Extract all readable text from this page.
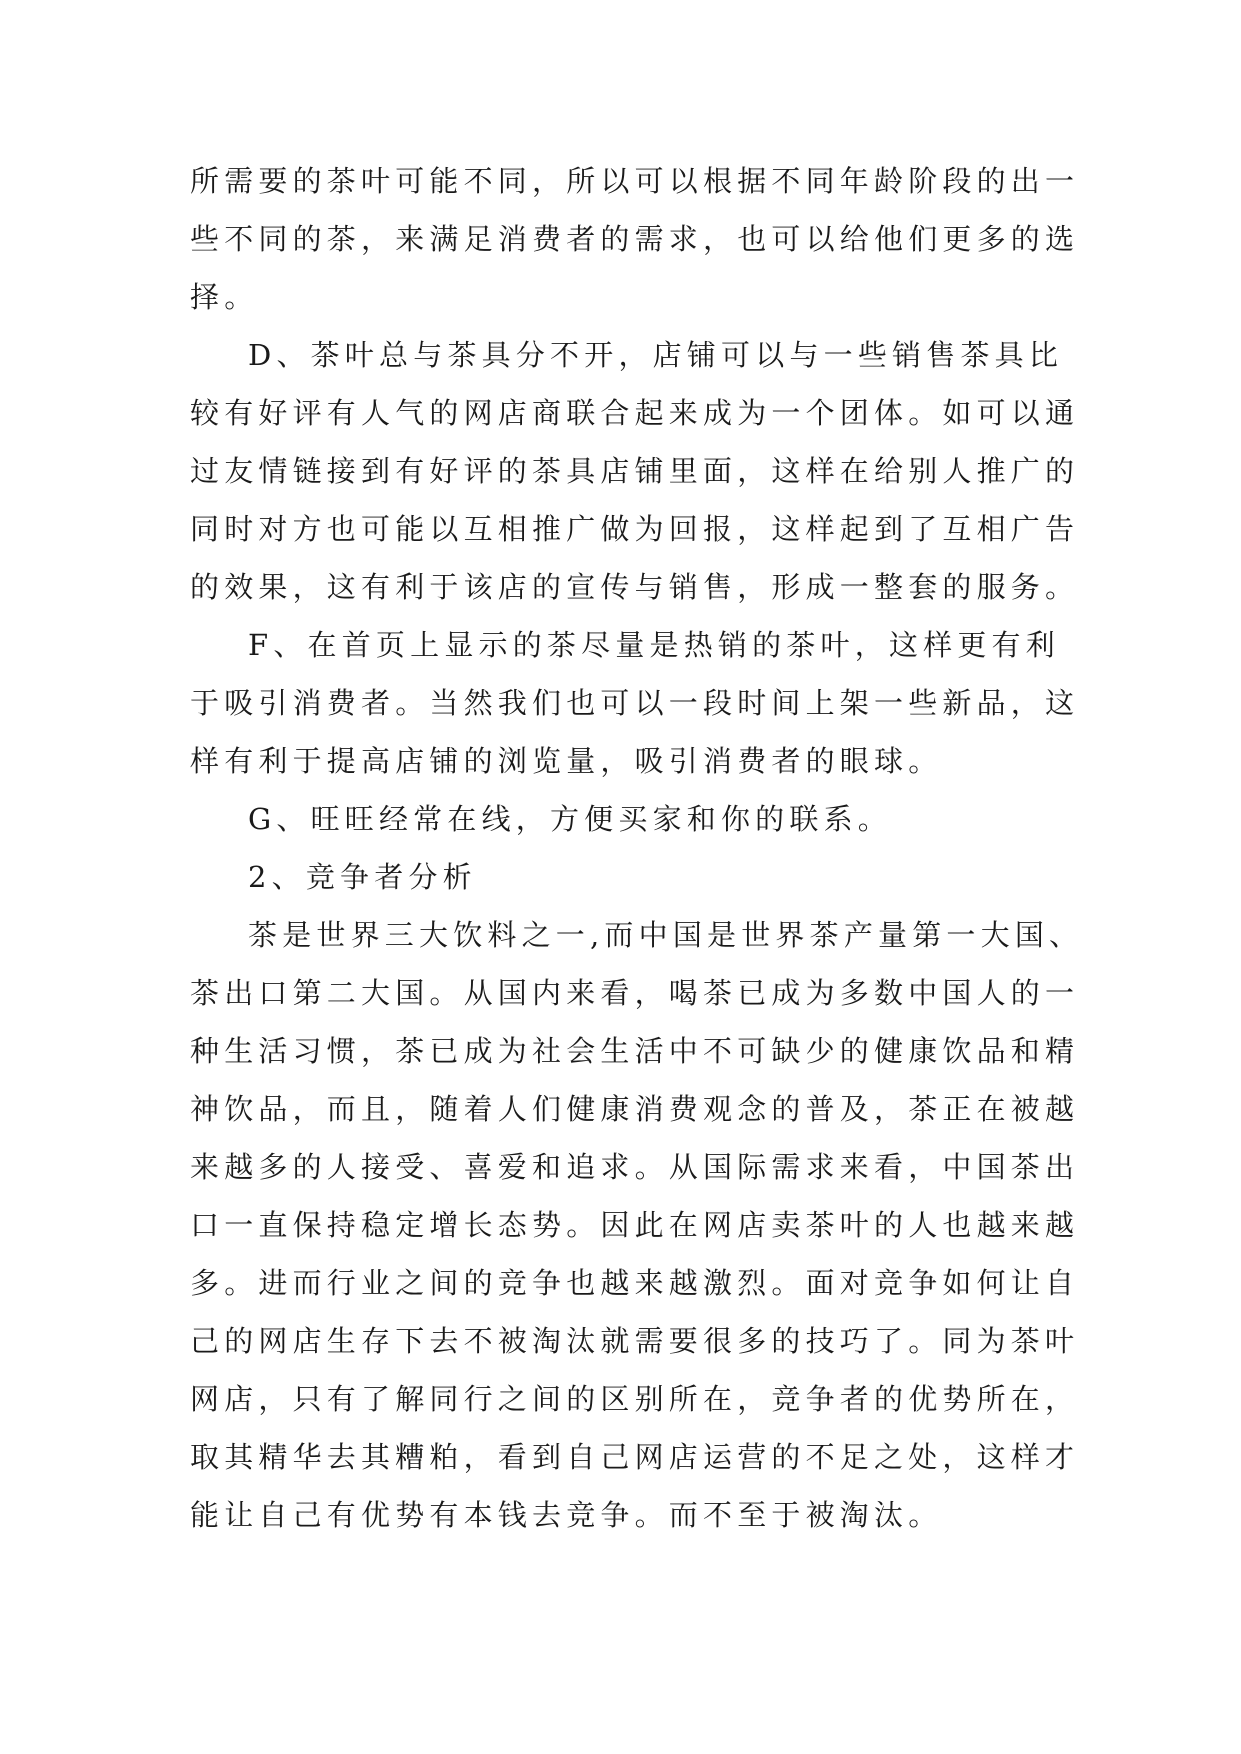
所需要的茶叶可能不同，所以可以根据不同年龄阶段的出一
些不同的茶，来满足消费者的需求，也可以给他们更多的选
择。
D、茶叶总与茶具分不开，店铺可以与一些销售茶具比
较有好评有人气的网店商联合起来成为一个团体。如可以通
过友情链接到有好评的茶具店铺里面，这样在给别人推广的
同时对方也可能以互相推广做为回报，这样起到了互相广告
的效果，这有利于该店的宣传与销售，形成一整套的服务。
F、在首页上显示的茶尽量是热销的茶叶，这样更有利
于吸引消费者。当然我们也可以一段时间上架一些新品，这
样有利于提高店铺的浏览量，吸引消费者的眼球。
G、旺旺经常在线，方便买家和你的联系。
2、竞争者分析
茶是世界三大饮料之一,而中国是世界茶产量第一大国、
茶出口第二大国。从国内来看，喝茶已成为多数中国人的一
种生活习惯，茶已成为社会生活中不可缺少的健康饮品和精
神饮品，而且，随着人们健康消费观念的普及，茶正在被越
来越多的人接受、喜爱和追求。从国际需求来看，中国茶出
口一直保持稳定增长态势。因此在网店卖茶叶的人也越来越
多。进而行业之间的竞争也越来越激烈。面对竞争如何让自
己的网店生存下去不被淘汰就需要很多的技巧了。同为茶叶
网店，只有了解同行之间的区别所在，竞争者的优势所在，
取其精华去其糟粕，看到自己网店运营的不足之处，这样才
能让自己有优势有本钱去竞争。而不至于被淘汰。
